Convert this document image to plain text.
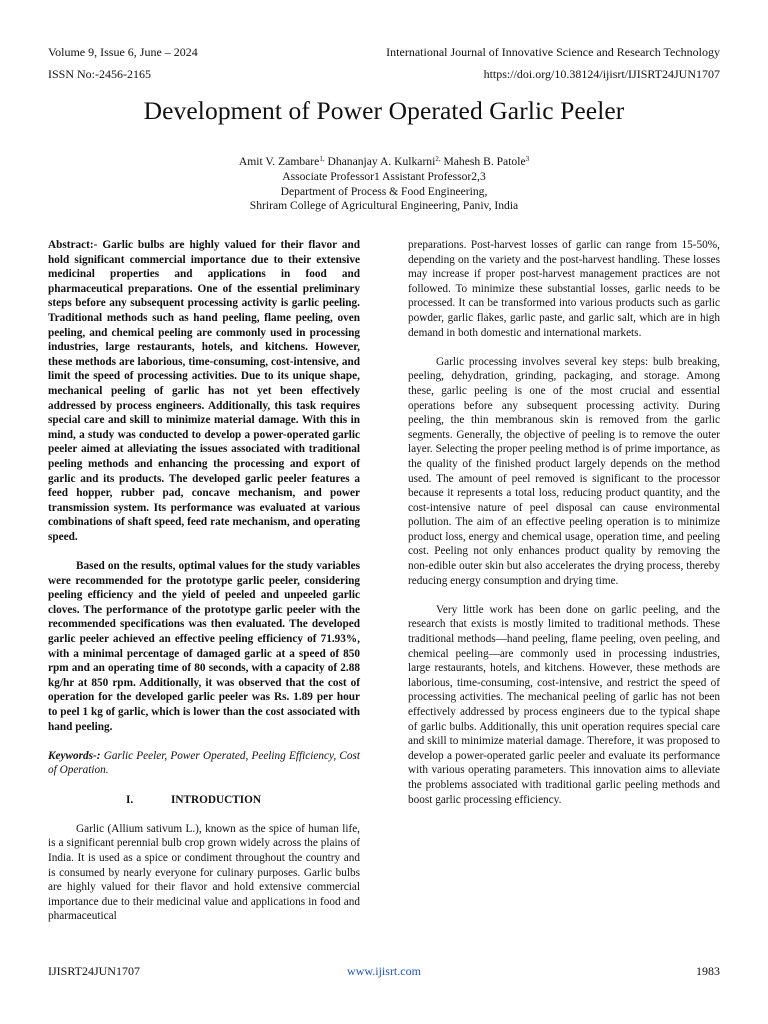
Volume 9, Issue 6, June – 2024	International Journal of Innovative Science and Research Technology
ISSN No:-2456-2165	https://doi.org/10.38124/ijisrt/IJISRT24JUN1707
Development of Power Operated Garlic Peeler
Amit V. Zambare$^{1,}$ Dhananjay A. Kulkarni$^{2,}$ Mahesh B. Patole$^3$
Associate Professor1 Assistant Professor2,3
Department of Process & Food Engineering,
Shriram College of Agricultural Engineering, Paniv, India

Abstract:- Garlic bulbs are highly valued for their flavor and hold significant commercial importance due to their extensive medicinal properties and applications in food and pharmaceutical preparations. One of the essential preliminary steps before any subsequent processing activity is garlic peeling. Traditional methods such as hand peeling, flame peeling, oven peeling, and chemical peeling are commonly used in processing industries, large restaurants, hotels, and kitchens. However, these methods are laborious, time-consuming, cost-intensive, and limit the speed of processing activities. Due to its unique shape, mechanical peeling of garlic has not yet been effectively addressed by process engineers. Additionally, this task requires special care and skill to minimize material damage. With this in mind, a study was conducted to develop a power-operated garlic peeler aimed at alleviating the issues associated with traditional peeling methods and enhancing the processing and export of garlic and its products. The developed garlic peeler features a feed hopper, rubber pad, concave mechanism, and power transmission system. Its performance was evaluated at various combinations of shaft speed, feed rate mechanism, and operating speed.

Based on the results, optimal values for the study variables were recommended for the prototype garlic peeler, considering peeling efficiency and the yield of peeled and unpeeled garlic cloves. The performance of the prototype garlic peeler with the recommended specifications was then evaluated. The developed garlic peeler achieved an effective peeling efficiency of 71.93%, with a minimal percentage of damaged garlic at a speed of 850 rpm and an operating time of 80 seconds, with a capacity of 2.88 kg/hr at 850 rpm. Additionally, it was observed that the cost of operation for the developed garlic peeler was Rs. 1.89 per hour to peel 1 kg of garlic, which is lower than the cost associated with hand peeling.

Keywords-: Garlic Peeler, Power Operated, Peeling Efficiency, Cost of Operation.

I.	INTRODUCTION

Garlic (Allium sativum L.), known as the spice of human life, is a significant perennial bulb crop grown widely across the plains of India. It is used as a spice or condiment throughout the country and is consumed by nearly everyone for culinary purposes. Garlic bulbs are highly valued for their flavor and hold extensive commercial importance due to their medicinal value and applications in food and pharmaceutical

preparations. Post-harvest losses of garlic can range from 15-50%, depending on the variety and the post-harvest handling. These losses may increase if proper post-harvest management practices are not followed. To minimize these substantial losses, garlic needs to be processed. It can be transformed into various products such as garlic powder, garlic flakes, garlic paste, and garlic salt, which are in high demand in both domestic and international markets.

Garlic processing involves several key steps: bulb breaking, peeling, dehydration, grinding, packaging, and storage. Among these, garlic peeling is one of the most crucial and essential operations before any subsequent processing activity. During peeling, the thin membranous skin is removed from the garlic segments. Generally, the objective of peeling is to remove the outer layer. Selecting the proper peeling method is of prime importance, as the quality of the finished product largely depends on the method used. The amount of peel removed is significant to the processor because it represents a total loss, reducing product quantity, and the cost-intensive nature of peel disposal can cause environmental pollution. The aim of an effective peeling operation is to minimize product loss, energy and chemical usage, operation time, and peeling cost. Peeling not only enhances product quality by removing the non-edible outer skin but also accelerates the drying process, thereby reducing energy consumption and drying time.

Very little work has been done on garlic peeling, and the research that exists is mostly limited to traditional methods. These traditional methods—hand peeling, flame peeling, oven peeling, and chemical peeling—are commonly used in processing industries, large restaurants, hotels, and kitchens. However, these methods are laborious, time-consuming, cost-intensive, and restrict the speed of processing activities. The mechanical peeling of garlic has not been effectively addressed by process engineers due to the typical shape of garlic bulbs. Additionally, this unit operation requires special care and skill to minimize material damage. Therefore, it was proposed to develop a power-operated garlic peeler and evaluate its performance with various operating parameters. This innovation aims to alleviate the problems associated with traditional garlic peeling methods and boost garlic processing efficiency.

IJISRT24JUN1707	www.ijisrt.com	1983
